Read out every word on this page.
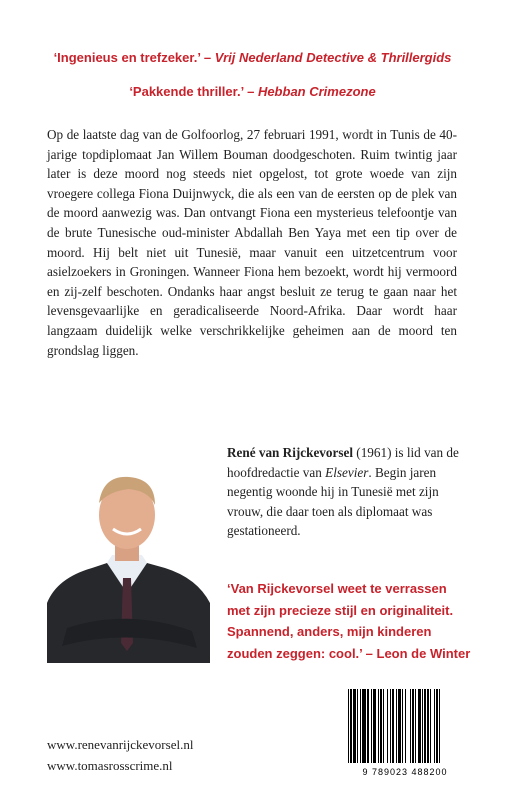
‘Ingenieus en trefzeker.’ – Vrij Nederland Detective & Thrillergids
‘Pakkende thriller.’ – Hebban Crimezone

Op de laatste dag van de Golfoorlog, 27 februari 1991, wordt in Tunis de 40-jarige topdiplomaat Jan Willem Bouman doodgeschoten. Ruim twintig jaar later is deze moord nog steeds niet opgelost, tot grote woede van zijn vroegere collega Fiona Duijnwyck, die als een van de eersten op de plek van de moord aanwezig was. Dan ontvangt Fiona een mysterieus telefoontje van de brute Tunesische oud-minister Abdallah Ben Yaya met een tip over de moord. Hij belt niet uit Tunesië, maar vanuit een uitzetcentrum voor asielzoekers in Groningen. Wanneer Fiona hem bezoekt, wordt hij vermoord en zij-zelf beschoten. Ondanks haar angst besluit ze terug te gaan naar het levensgevaarlijke en geradicaliseerde Noord-Afrika. Daar wordt haar langzaam duidelijk welke verschrikkelijke geheimen aan de moord ten grondslag liggen.

René van Rijckevorsel (1961) is lid van de hoofdredactie van Elsevier. Begin jaren negentig woonde hij in Tunesië met zijn vrouw, die daar toen als diplomaat was gestationeerd.
‘Van Rijckevorsel weet te verrassen
met zijn precieze stijl en originaliteit.
Spannend, anders, mijn kinderen
zouden zeggen: cool.’ – Leon de Winter
www.renevanrijckevorsel.nl
www.tomasrosscrime.nl	9 789023 488200
